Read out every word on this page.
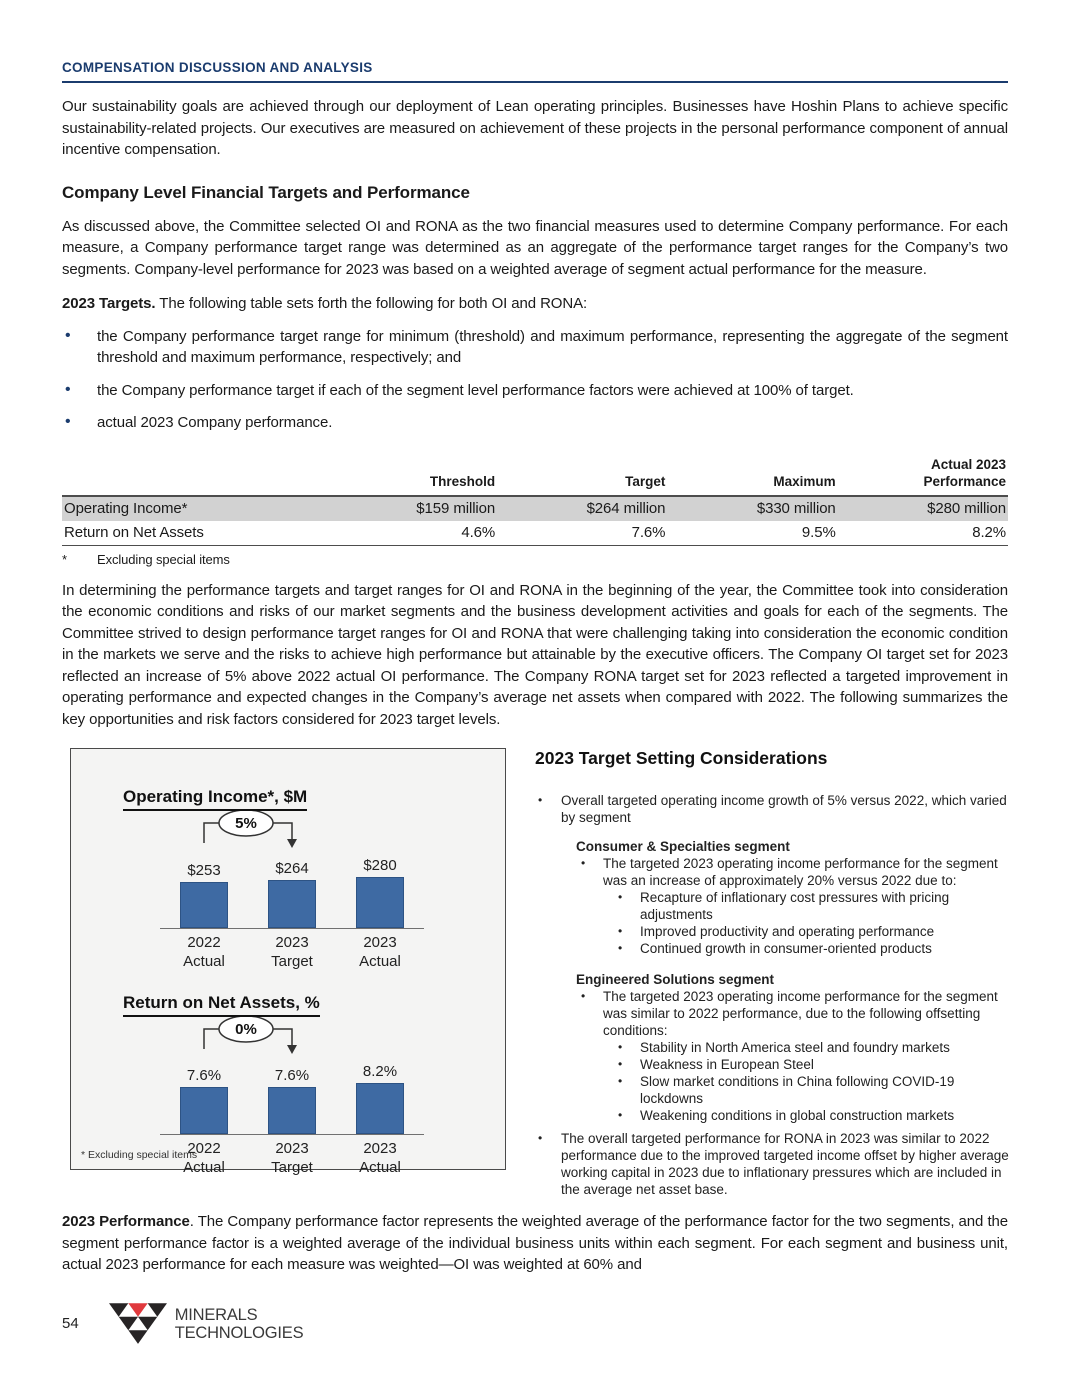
COMPENSATION DISCUSSION AND ANALYSIS

Our sustainability goals are achieved through our deployment of Lean operating principles. Businesses have Hoshin Plans to achieve specific sustainability-related projects. Our executives are measured on achievement of these projects in the personal performance component of annual incentive compensation.

Company Level Financial Targets and Performance

As discussed above, the Committee selected OI and RONA as the two financial measures used to determine Company performance. For each measure, a Company performance target range was determined as an aggregate of the performance target ranges for the Company’s two segments. Company-level performance for 2023 was based on a weighted average of segment actual performance for the measure.

2023 Targets. The following table sets forth the following for both OI and RONA:

• the Company performance target range for minimum (threshold) and maximum performance, representing the aggregate of the segment threshold and maximum performance, respectively; and
• the Company performance target if each of the segment level performance factors were achieved at 100% of target.
• actual 2023 Company performance.
	Threshold	Target	Maximum	Actual 2023
Performance
Operating Income*	$159 million	$264 million	$330 million	$280 million
Return on Net Assets	4.6%	7.6%	9.5%	8.2%
*	Excluding special items

In determining the performance targets and target ranges for OI and RONA in the beginning of the year, the Committee took into consideration the economic conditions and risks of our market segments and the business development activities and goals for each of the segments. The Committee strived to design performance target ranges for OI and RONA that were challenging taking into consideration the economic condition in the markets we serve and the risks to achieve high performance but attainable by the executive officers. The Company OI target set for 2023 reflected an increase of 5% above 2022 actual OI performance. The Company RONA target set for 2023 reflected a targeted improvement in operating performance and expected changes in the Company’s average net assets when compared with 2022. The following summarizes the key opportunities and risk factors considered for 2023 target levels.

Operating Income*, $M
5%
$253	$264	$280
2022
Actual
2023
Target
2023
Actual
Return on Net Assets, %
0%
7.6%	7.6%	8.2%
2022
Actual
2023
Target
2023
Actual
* Excluding special items
2023 Target Setting Considerations
• Overall targeted operating income growth of 5% versus 2022, which varied by segment
Consumer & Specialties segment
• The targeted 2023 operating income performance for the segment was an increase of approximately 20% versus 2022 due to:
• Recapture of inflationary cost pressures with pricing adjustments
• Improved productivity and operating performance
• Continued growth in consumer-oriented products
Engineered Solutions segment
• The targeted 2023 operating income performance for the segment was similar to 2022 performance, due to the following offsetting conditions:
• Stability in North America steel and foundry markets
• Weakness in European Steel
• Slow market conditions in China following COVID-19 lockdowns
• Weakening conditions in global construction markets
• The overall targeted performance for RONA in 2023 was similar to 2022 performance due to the improved targeted income offset by higher average working capital in 2023 due to inflationary pressures which are included in the average net asset base.

2023 Performance. The Company performance factor represents the weighted average of the performance factor for the two segments, and the segment performance factor is a weighted average of the individual business units within each segment. For each segment and business unit, actual 2023 performance for each measure was weighted—OI was weighted at 60% and

54	MINERALS
TECHNOLOGIES
